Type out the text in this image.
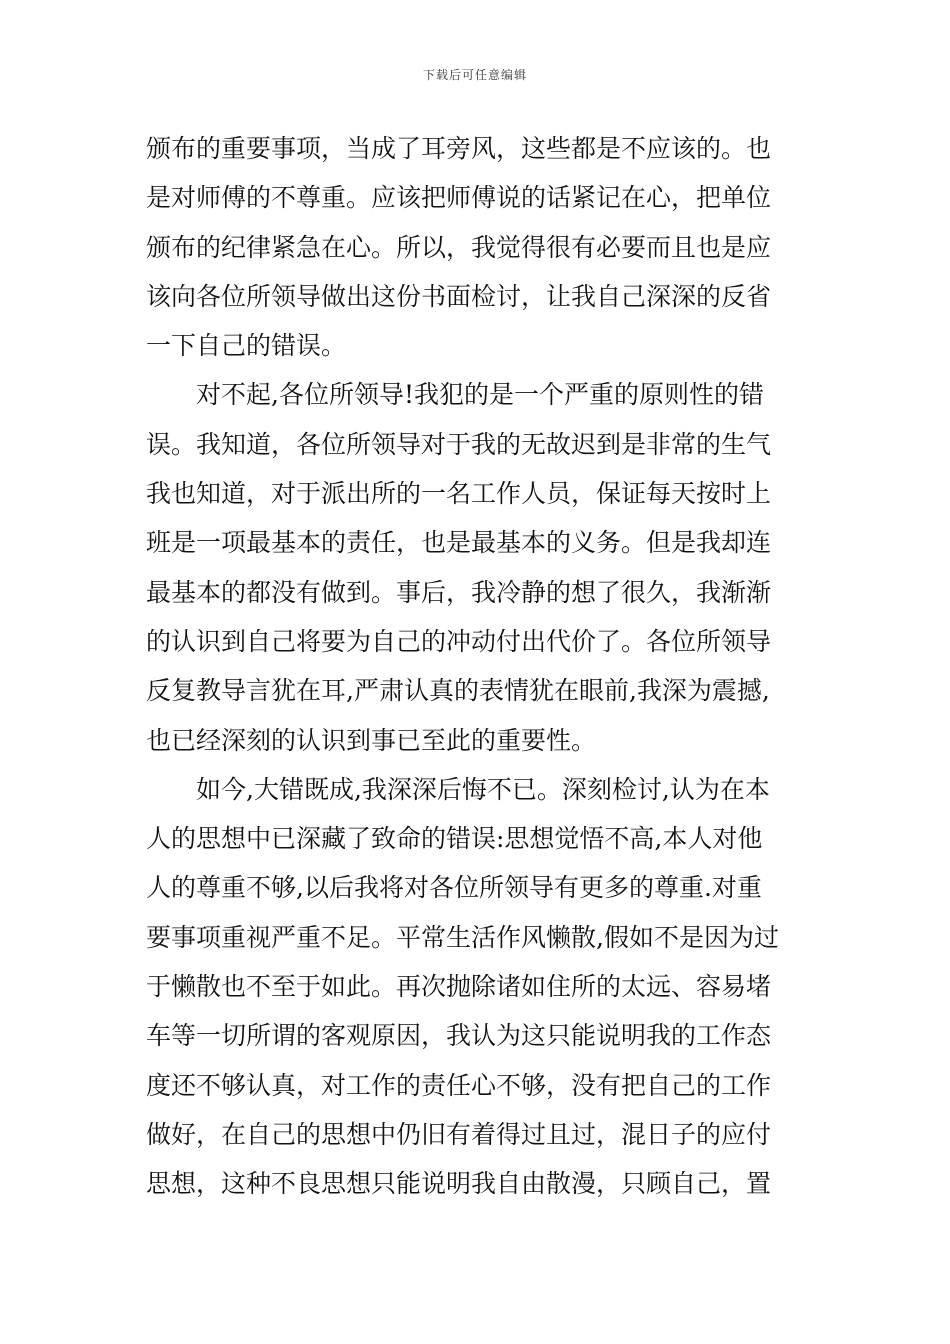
下载后可任意编辑
颁布的重要事项，当成了耳旁风，这些都是不应该的。也
是对师傅的不尊重。应该把师傅说的话紧记在心，把单位
颁布的纪律紧急在心。所以，我觉得很有必要而且也是应
该向各位所领导做出这份书面检讨，让我自己深深的反省
一下自己的错误。
对不起,各位所领导!我犯的是一个严重的原则性的错
误。我知道，各位所领导对于我的无故迟到是非常的生气
我也知道，对于派出所的一名工作人员，保证每天按时上
班是一项最基本的责任，也是最基本的义务。但是我却连
最基本的都没有做到。事后，我冷静的想了很久，我渐渐
的认识到自己将要为自己的冲动付出代价了。各位所领导
反复教导言犹在耳,严肃认真的表情犹在眼前,我深为震撼,
也已经深刻的认识到事已至此的重要性。
如今,大错既成,我深深后悔不已。深刻检讨,认为在本
人的思想中已深藏了致命的错误:思想觉悟不高,本人对他
人的尊重不够,以后我将对各位所领导有更多的尊重.对重
要事项重视严重不足。平常生活作风懒散,假如不是因为过
于懒散也不至于如此。再次抛除诸如住所的太远、容易堵
车等一切所谓的客观原因，我认为这只能说明我的工作态
度还不够认真，对工作的责任心不够，没有把自己的工作
做好，在自己的思想中仍旧有着得过且过，混日子的应付
思想，这种不良思想只能说明我自由散漫，只顾自己，置
